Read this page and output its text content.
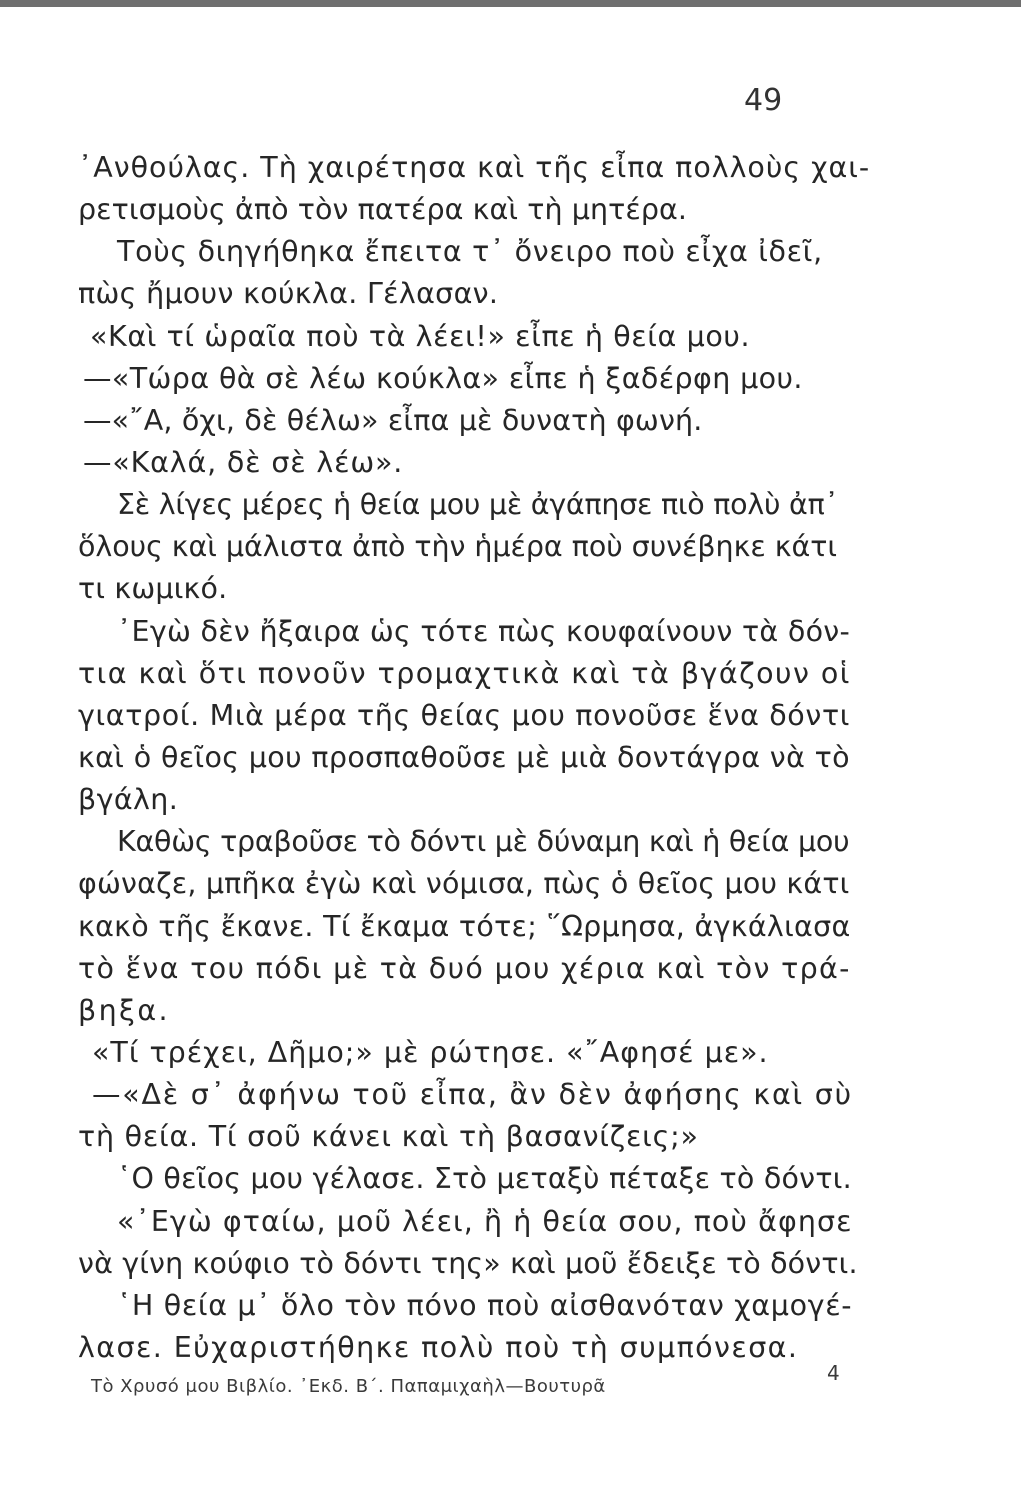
49
᾿Ανθούλας. Τὴ χαιρέτησα καὶ τῆς εἶπα πολλοὺς χαι-
ρετισμοὺς ἀπὸ τὸν πατέρα καὶ τὴ μητέρα.
Τοὺς διηγήθηκα ἔπειτα τ᾿ ὄνειρο ποὺ εἶχα ἰδεῖ,
πὼς ἤμουν κούκλα. Γέλασαν.
«Καὶ τί ὡραῖα ποὺ τὰ λέει!» εἶπε ἡ θεία μου.
—«Τώρα θὰ σὲ λέω κούκλα» εἶπε ἡ ξαδέρφη μου.
—«῎Α, ὄχι, δὲ θέλω» εἶπα μὲ δυνατὴ φωνή.
—«Καλά, δὲ σὲ λέω».
Σὲ λίγες μέρες ἡ θεία μου μὲ ἀγάπησε πιὸ πολὺ ἀπ᾿
ὅλους καὶ μάλιστα ἀπὸ τὴν ἡμέρα ποὺ συνέβηκε κάτι
τι κωμικό.
᾿Εγὼ δὲν ἤξαιρα ὡς τότε πὼς κουφαίνουν τὰ δόν-
τια καὶ ὅτι πονοῦν τρομαχτικὰ καὶ τὰ βγάζουν οἱ
γιατροί. Μιὰ μέρα τῆς θείας μου πονοῦσε ἕνα δόντι
καὶ ὁ θεῖος μου προσπαθοῦσε μὲ μιὰ δοντάγρα νὰ τὸ
βγάλη.
Καθὼς τραβοῦσε τὸ δόντι μὲ δύναμη καὶ ἡ θεία μου
φώναζε, μπῆκα ἐγὼ καὶ νόμισα, πὼς ὁ θεῖος μου κάτι
κακὸ τῆς ἔκανε. Τί ἔκαμα τότε; ῞Ωρμησα, ἀγκάλιασα
τὸ ἕνα του πόδι μὲ τὰ δυό μου χέρια καὶ τὸν τρά-
βηξα.
«Τί τρέχει, Δῆμο;» μὲ ρώτησε. «῎Αφησέ με».
—«Δὲ σ᾿ ἀφήνω τοῦ εἶπα, ἂν δὲν ἀφήσης καὶ σὺ
τὴ θεία. Τί σοῦ κάνει καὶ τὴ βασανίζεις;»
῾Ο θεῖος μου γέλασε. Στὸ μεταξὺ πέταξε τὸ δόντι.
«᾿Εγὼ φταίω, μοῦ λέει, ἢ ἡ θεία σου, ποὺ ἄφησε
νὰ γίνη κούφιο τὸ δόντι της» καὶ μοῦ ἔδειξε τὸ δόντι.
῾Η θεία μ᾿ ὅλο τὸν πόνο ποὺ αἰσθανόταν χαμογέ-
λασε. Εὐχαριστήθηκε πολὺ ποὺ τὴ συμπόνεσα.
Τὸ Χρυσό μου Βιβλίο. ᾿Εκδ. Β΄. Παπαμιχαὴλ—Βουτυρᾶ
4
